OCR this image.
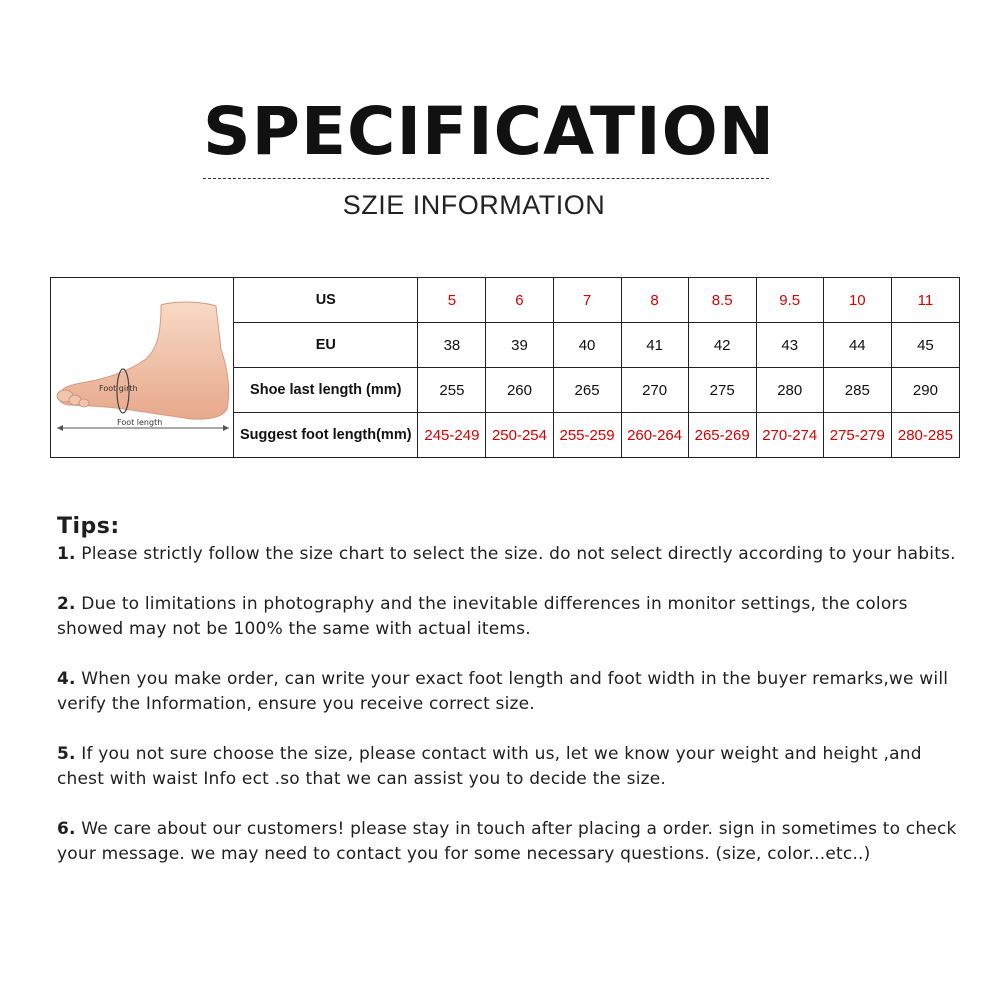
SPECIFICATION
SZIE INFORMATION
Foot girth
Foot length	US	5	6	7	8	8.5	9.5	10	11
	EU	38	39	40	41	42	43	44	45
	Shoe last length (mm)	255	260	265	270	275	280	285	290
	Suggest foot length(mm)	245-249	250-254	255-259	260-264	265-269	270-274	275-279	280-285

Tips:

1. Please strictly follow the size chart to select the size. do not select directly according to your habits.

2. Due to limitations in photography and the inevitable differences in monitor settings, the colors showed may not be 100% the same with actual items.

4. When you make order, can write your exact foot length and foot width in the buyer remarks,we will verify the Information, ensure you receive correct size.

5. If you not sure choose the size, please contact with us, let we know your weight and height ,and chest with waist Info ect .so that we can assist you to decide the size.

6. We care about our customers! please stay in touch after placing a order. sign in sometimes to check your message. we may need to contact you for some necessary questions. (size, color...etc..)
